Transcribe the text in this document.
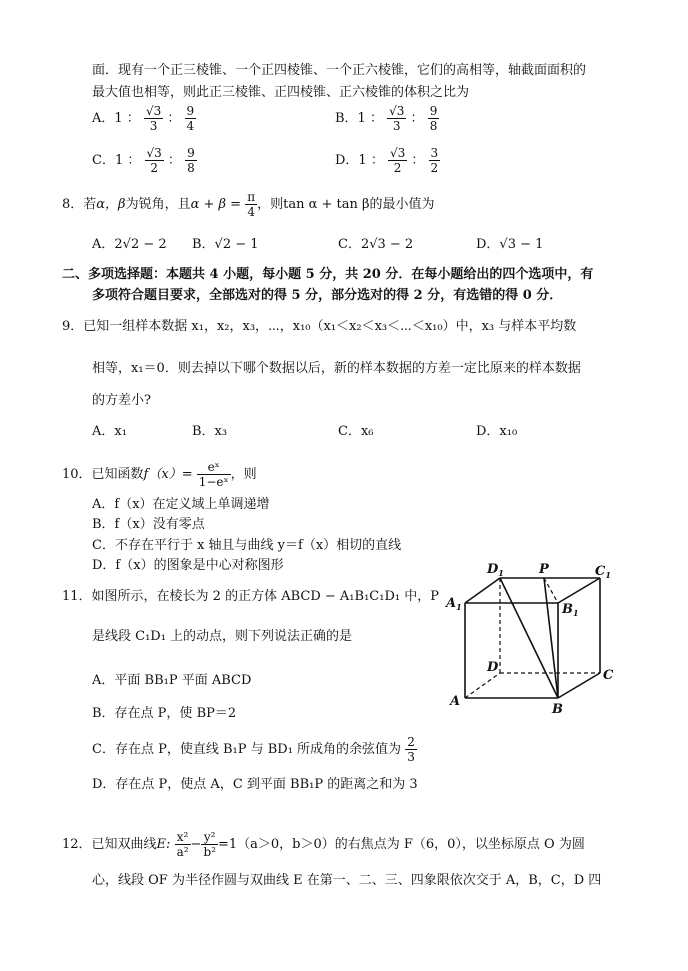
面．现有一个正三棱锥、一个正四棱锥、一个正六棱锥，它们的高相等，轴截面面积的
最大值也相等，则此正三棱锥、正四棱锥、正六棱锥的体积之比为
A．1 ： $\frac{√3}{3}$ ： $\frac{9}{4}$	B．1 ： $\frac{√3}{3}$ ： $\frac{9}{8}$
C．1 ： $\frac{√3}{2}$ ： $\frac{9}{8}$	D．1 ： $\frac{√3}{2}$ ： $\frac{3}{2}$
8．若α，β为锐角，且$\alpha + \beta = \frac{\pi}{4}$ ，则tan α + tan β的最小值为
A．2√2 − 2 B．√2 − 1	C．2√3 − 2	D．√3 − 1
二、多项选择题：本题共 4 小题，每小题 5 分，共 20 分．在每小题给出的四个选项中，有
多项符合题目要求，全部选对的得 5 分，部分选对的得 2 分，有选错的得 0 分．
9．已知一组样本数据 x₁，x₂，x₃，⋯，x₁₀（x₁＜x₂＜x₃＜⋯＜x₁₀）中，x₃ 与样本平均数
相等，x₁＝0．则去掉以下哪个数据以后，新的样本数据的方差一定比原来的样本数据
的方差小?
A．x₁	B．x₃	C．x₆	D．x₁₀
10．已知函数$f(x)= \frac{\text{eˣ}}{\text{1−eˣ}}$ ，则
A．f（x）在定义域上单调递增
B．f（x）没有零点
C．不存在平行于 x 轴且与曲线 y＝f（x）相切的直线
D．f（x）的图象是中心对称图形
11．如图所示，在棱长为 2 的正方体 ABCD − A₁B₁C₁D₁ 中，P
是线段 C₁D₁ 上的动点，则下列说法正确的是
A．平面 BB₁P 平面 ABCD
B．存在点 P，使 BP＝2
C．存在点 P，使直线 B₁P 与 BD₁ 所成角的余弦值为 $\frac{2}{3}$
D．存在点 P，使点 A，C 到平面 BB₁P 的距离之和为 3
$D_1$	P	$C_1$
$A_1$	$B_1$
D
C
A
B
12．已知双曲线E: $\frac{\text{x²}}{\text{a²}} - \frac{\text{y²}}{\text{b²}} =1(a>0$，b＞0）的右焦点为 F（6，0），以坐标原点 O 为圆
心，线段 OF 为半径作圆与双曲线 E 在第一、二、三、四象限依次交于 A，B，C，D 四
